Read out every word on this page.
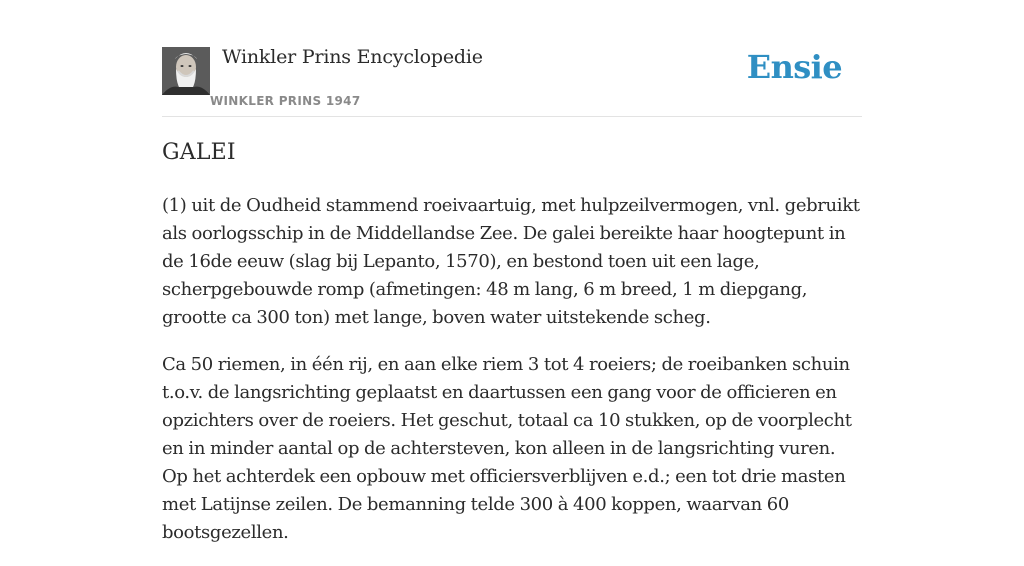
Winkler Prins Encyclopedie
WINKLER PRINS 1947
Ensie
GALEI

(1) uit de Oudheid stammend roeivaartuig, met hulpzeilvermogen, vnl. gebruikt als oorlogsschip in de Middellandse Zee. De galei bereikte haar hoogtepunt in de 16de eeuw (slag bij Lepanto, 1570), en bestond toen uit een lage, scherpgebouwde romp (afmetingen: 48 m lang, 6 m breed, 1 m diepgang, grootte ca 300 ton) met lange, boven water uitstekende scheg.

Ca 50 riemen, in één rij, en aan elke riem 3 tot 4 roeiers; de roeibanken schuin t.o.v. de langsrichting geplaatst en daartussen een gang voor de officieren en opzichters over de roeiers. Het geschut, totaal ca 10 stukken, op de voorplecht en in minder aantal op de achtersteven, kon alleen in de langsrichting vuren. Op het achterdek een opbouw met officiersverblijven e.d.; een tot drie masten met Latijnse zeilen. De bemanning telde 300 à 400 koppen, waarvan 60 bootsgezellen.
